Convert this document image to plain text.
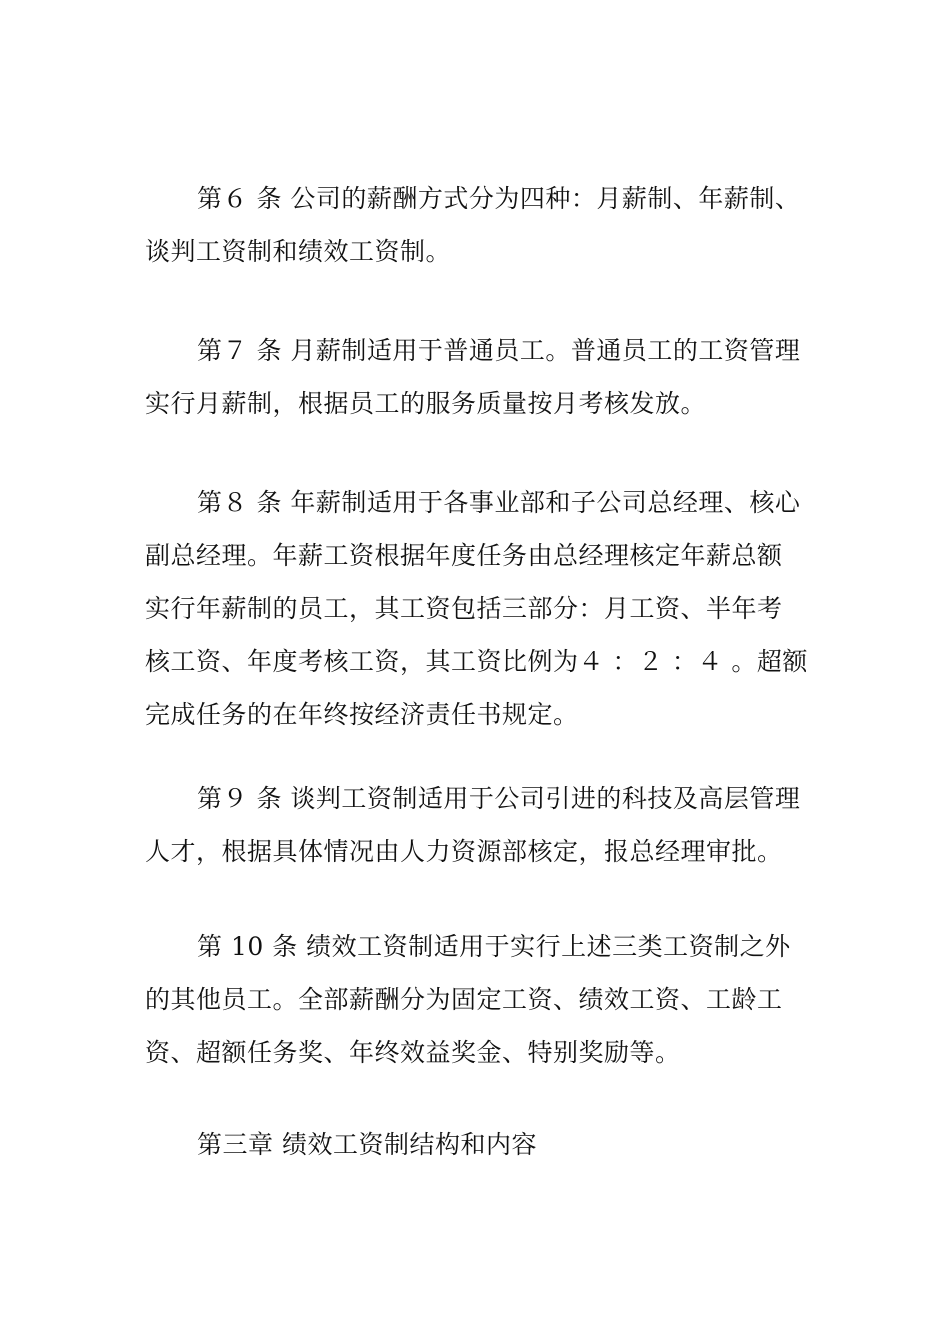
第６ 条 公司的薪酬方式分为四种：月薪制、年薪制、
谈判工资制和绩效工资制。
第７ 条 月薪制适用于普通员工。普通员工的工资管理
实行月薪制，根据员工的服务质量按月考核发放。
第８ 条 年薪制适用于各事业部和子公司总经理、核心
副总经理。年薪工资根据年度任务由总经理核定年薪总额
实行年薪制的员工，其工资包括三部分：月工资、半年考
核工资、年度考核工资，其工资比例为４ ：２ ：４ 。超额
完成任务的在年终按经济责任书规定。
第９ 条 谈判工资制适用于公司引进的科技及高层管理
人才，根据具体情况由人力资源部核定，报总经理审批。
第 10 条 绩效工资制适用于实行上述三类工资制之外
的其他员工。全部薪酬分为固定工资、绩效工资、工龄工
资、超额任务奖、年终效益奖金、特别奖励等。
第三章 绩效工资制结构和内容
